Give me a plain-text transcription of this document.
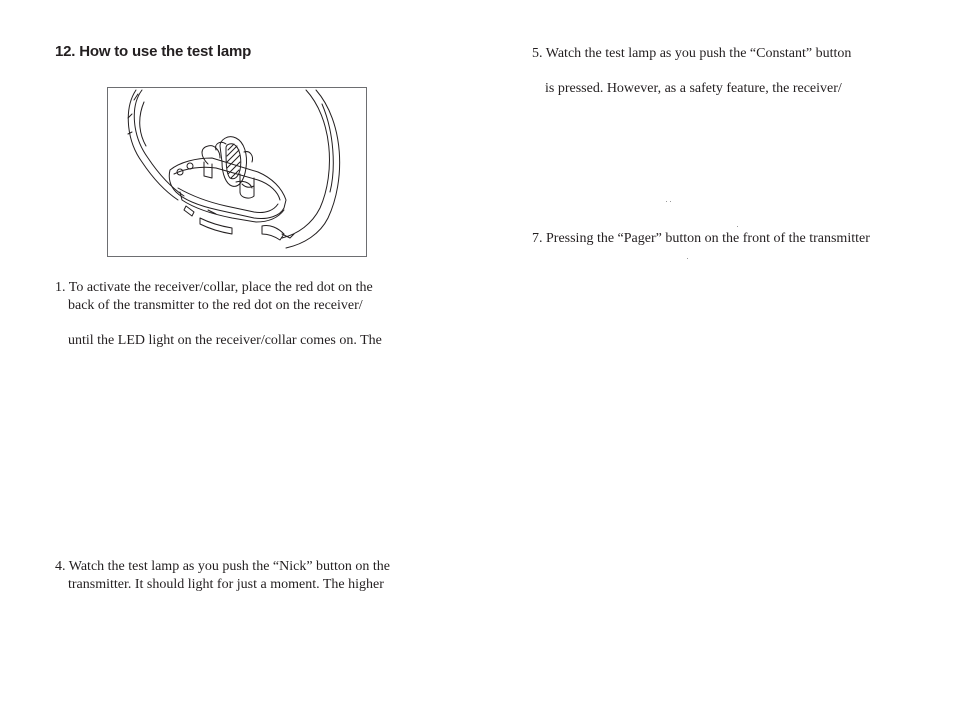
12. How to use the test lamp
1. To activate the receiver/collar, place the red dot on the
back of the transmitter to the red dot on the receiver/
until the LED light on the receiver/collar comes on. The
4. Watch the test lamp as you push the “Nick” button on the
transmitter. It should light for just a moment. The higher
5. Watch the test lamp as you push the “Constant” button
is pressed. However, as a safety feature, the receiver/
7. Pressing the “Pager” button on the front of the transmitter
